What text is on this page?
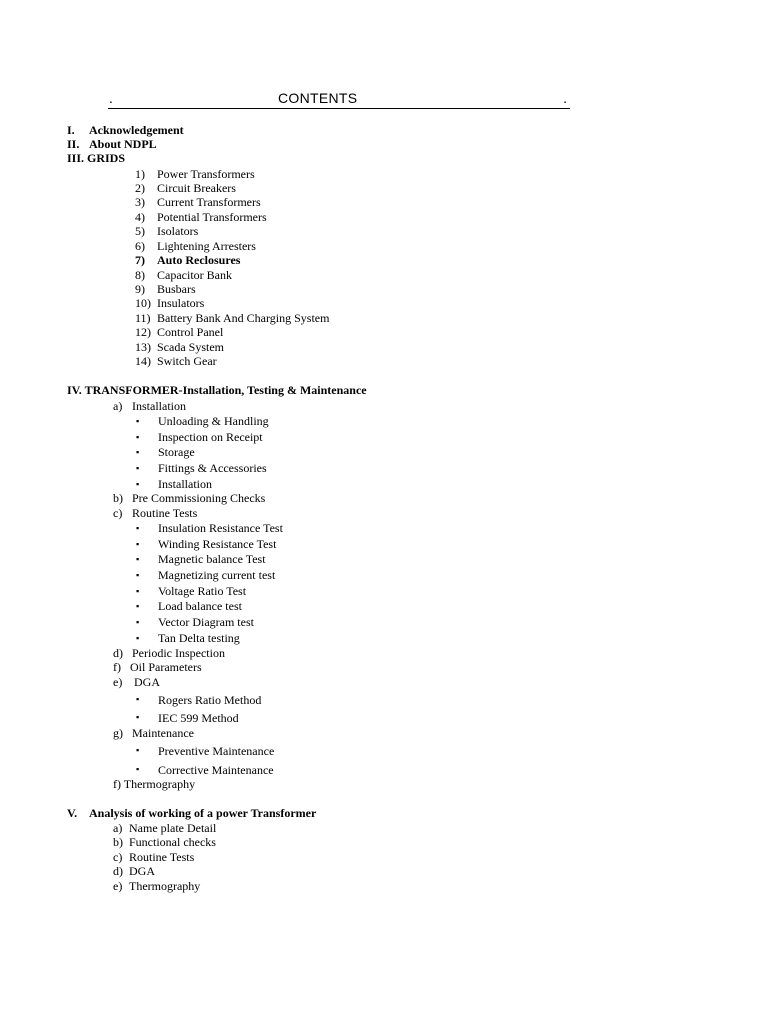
.	CONTENTS	.
I. Acknowledgement
II. About NDPL
III. GRIDS
1) Power Transformers
2) Circuit Breakers
3) Current Transformers
4) Potential Transformers
5) Isolators
6) Lightening Arresters
7) Auto Reclosures
8) Capacitor Bank
9) Busbars
10) Insulators
11) Battery Bank And Charging System
12) Control Panel
13) Scada System
14) Switch Gear
IV. TRANSFORMER-Installation, Testing & Maintenance
a) Installation
▪ Unloading & Handling
▪ Inspection on Receipt
▪ Storage
▪ Fittings & Accessories
▪ Installation
b) Pre Commissioning Checks
c) Routine Tests
▪ Insulation Resistance Test
▪ Winding Resistance Test
▪ Magnetic balance Test
▪ Magnetizing current test
▪ Voltage Ratio Test
▪ Load balance test
▪ Vector Diagram test
▪ Tan Delta testing
d) Periodic Inspection
f) Oil Parameters
e) DGA
▪ Rogers Ratio Method
▪ IEC 599 Method
g) Maintenance
▪ Preventive Maintenance
▪ Corrective Maintenance
f) Thermography
V. Analysis of working of a power Transformer
a) Name plate Detail
b) Functional checks
c) Routine Tests
d) DGA
e) Thermography
